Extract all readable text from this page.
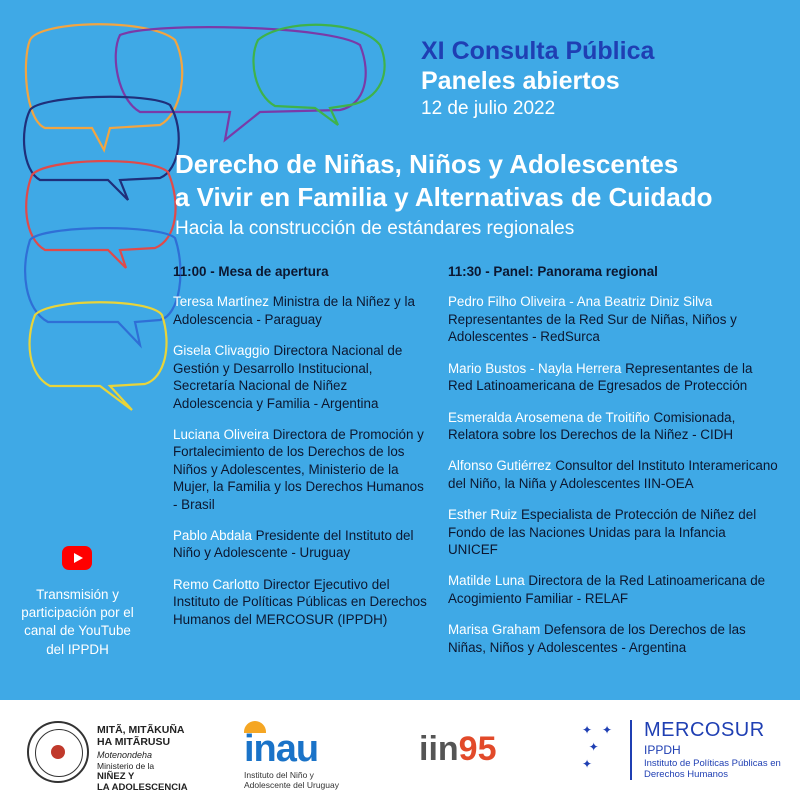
XI Consulta Pública
Paneles abiertos
12 de julio 2022
Derecho de Niñas, Niños y Adolescentes
a Vivir en Familia y Alternativas de Cuidado
Hacia la construcción de estándares regionales
11:00 - Mesa de apertura
Teresa Martínez Ministra de la Niñez y la Adolescencia - Paraguay
Gisela Clivaggio Directora Nacional de Gestión y Desarrollo Institucional, Secretaría Nacional de Niñez Adolescencia y Familia - Argentina
Luciana Oliveira Directora de Promoción y Fortalecimiento de los Derechos de los Niños y Adolescentes, Ministerio de la Mujer, la Familia y los Derechos Humanos - Brasil
Pablo Abdala Presidente del Instituto del Niño y Adolescente - Uruguay
Remo Carlotto Director Ejecutivo del Instituto de Políticas Públicas en Derechos Humanos del MERCOSUR (IPPDH)
11:30 - Panel: Panorama regional
Pedro Filho Oliveira - Ana Beatriz Diniz Silva Representantes de la Red Sur de Niñas, Niños y Adolescentes - RedSurca
Mario Bustos - Nayla Herrera Representantes de la Red Latinoamericana de Egresados de Protección
Esmeralda Arosemena de Troitiño Comisionada, Relatora sobre los Derechos de la Niñez - CIDH
Alfonso Gutiérrez Consultor del Instituto Interamericano del Niño, la Niña y Adolescentes IIN-OEA
Esther Ruiz Especialista de Protección de Niñez del Fondo de las Naciones Unidas para la Infancia UNICEF
Matilde Luna Directora de la Red Latinoamericana de Acogimiento Familiar - RELAF
Marisa Graham Defensora de los Derechos de las Niñas, Niños y Adolescentes - Argentina
Transmisión y participación por el canal de YouTube del IPPDH
MITÃ, MITÃKUÑA
HA MITÃRUSU
Motenondeha
Ministerio de la
NIÑEZ Y
LA ADOLESCENCIA
inau
Instituto del Niño y
Adolescente del Uruguay
iin95	✦   ✦
✦
✦
MERCOSUR
IPPDH
Instituto de Políticas Públicas en Derechos Humanos
